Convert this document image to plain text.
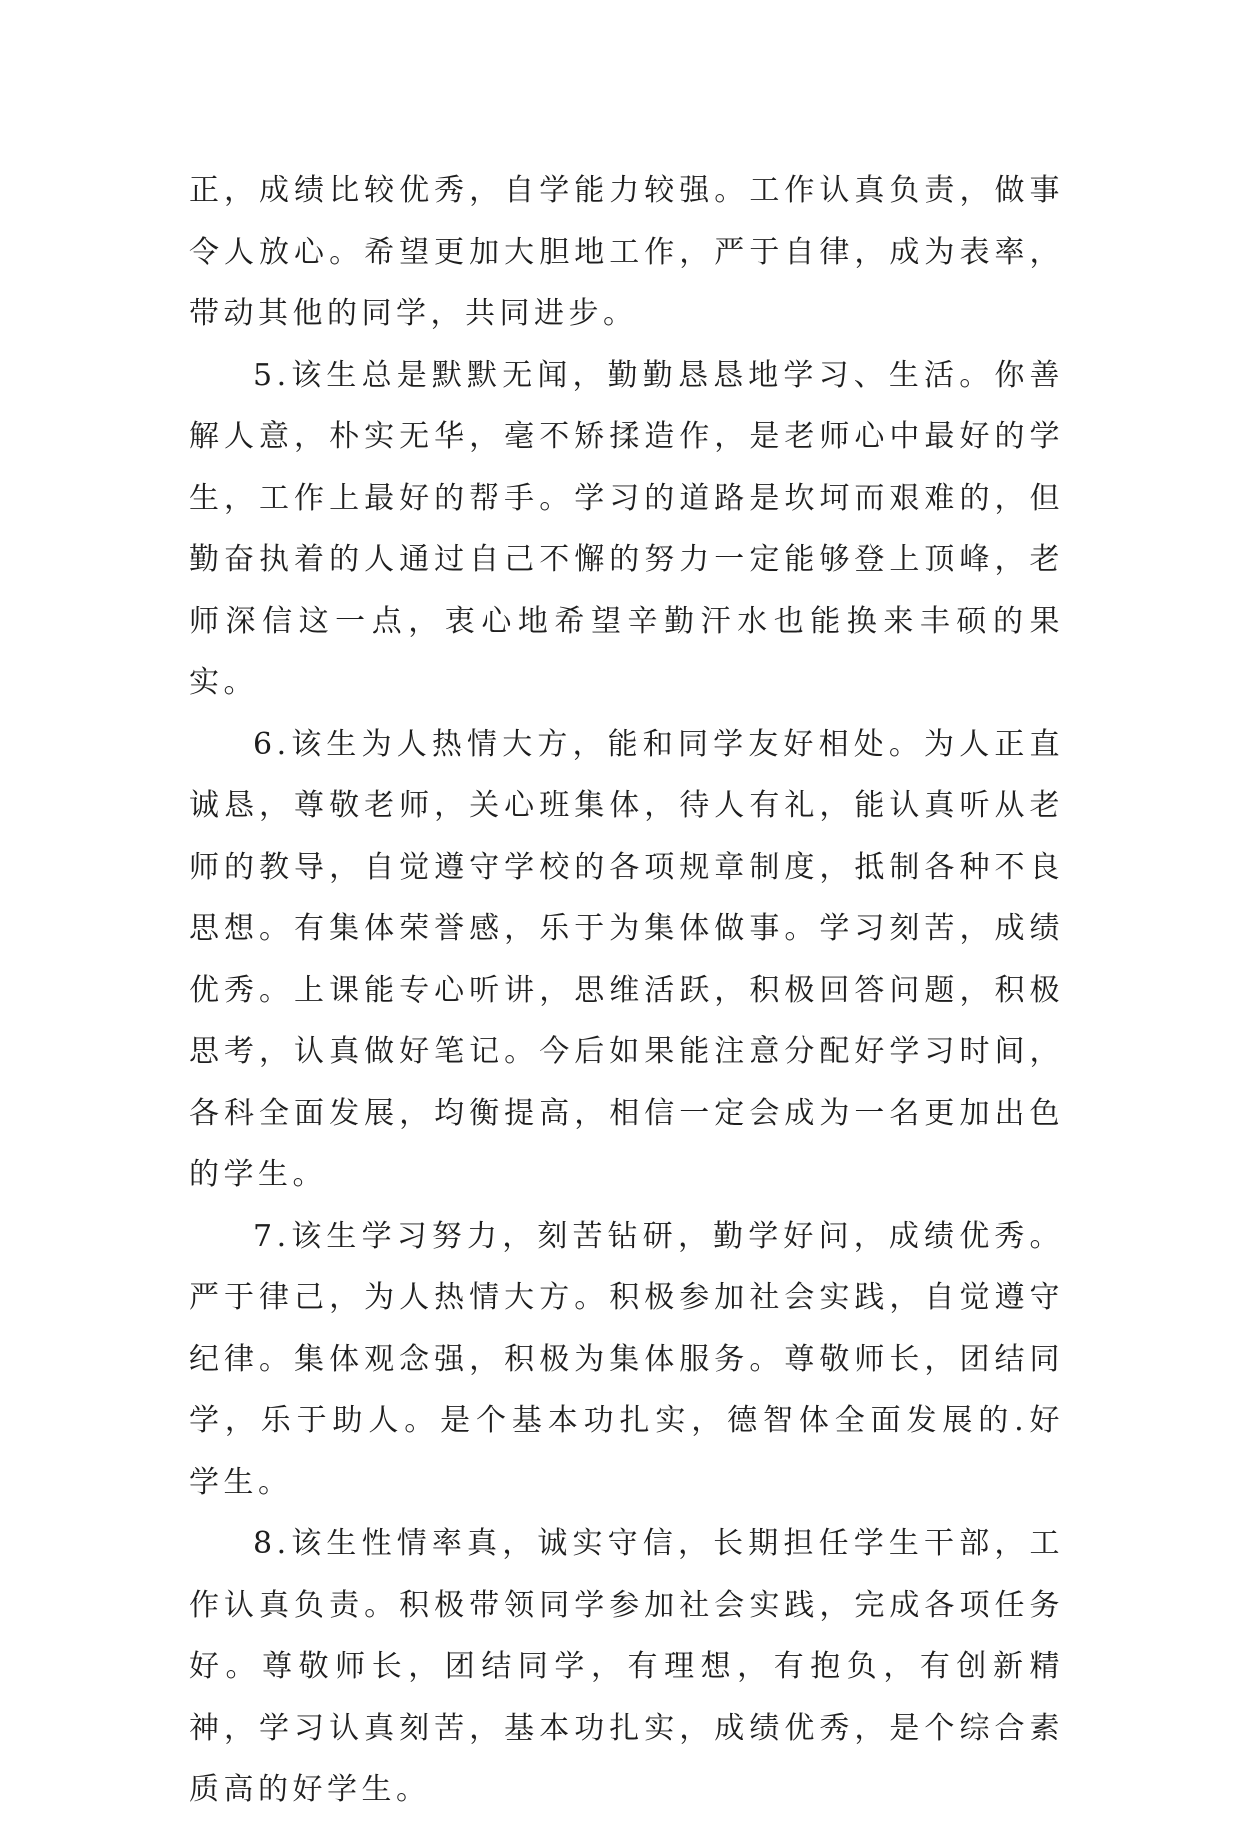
正，成绩比较优秀，自学能力较强。工作认真负责，做事令人放心。希望更加大胆地工作，严于自律，成为表率，带动其他的同学，共同进步。

5.该生总是默默无闻，勤勤恳恳地学习、生活。你善解人意，朴实无华，毫不矫揉造作，是老师心中最好的学生，工作上最好的帮手。学习的道路是坎坷而艰难的，但勤奋执着的人通过自己不懈的努力一定能够登上顶峰，老师深信这一点，衷心地希望辛勤汗水也能换来丰硕的果实。

6.该生为人热情大方，能和同学友好相处。为人正直诚恳，尊敬老师，关心班集体，待人有礼，能认真听从老师的教导，自觉遵守学校的各项规章制度，抵制各种不良思想。有集体荣誉感，乐于为集体做事。学习刻苦，成绩优秀。上课能专心听讲，思维活跃，积极回答问题，积极思考，认真做好笔记。今后如果能注意分配好学习时间，各科全面发展，均衡提高，相信一定会成为一名更加出色的学生。

7.该生学习努力，刻苦钻研，勤学好问，成绩优秀。严于律己，为人热情大方。积极参加社会实践，自觉遵守纪律。集体观念强，积极为集体服务。尊敬师长，团结同学，乐于助人。是个基本功扎实，德智体全面发展的.好学生。

8.该生性情率真，诚实守信，长期担任学生干部，工作认真负责。积极带领同学参加社会实践，完成各项任务好。尊敬师长，团结同学，有理想，有抱负，有创新精神，学习认真刻苦，基本功扎实，成绩优秀，是个综合素质高的好学生。
